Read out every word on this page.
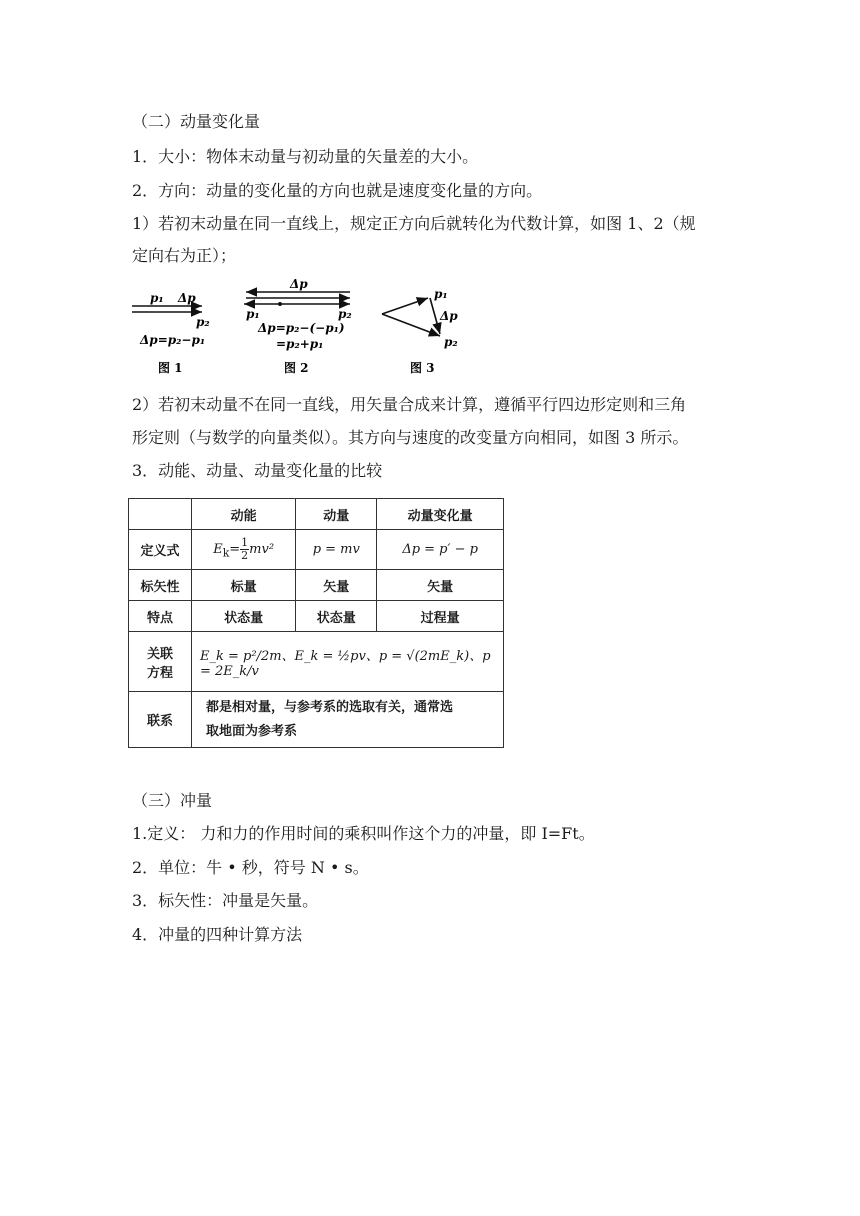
（二）动量变化量
1．大小：物体末动量与初动量的矢量差的大小。
2．方向：动量的变化量的方向也就是速度变化量的方向。
1）若初末动量在同一直线上，规定正方向后就转化为代数计算，如图 1、2（规
定向右为正）；
p₁ Δp
p₂
Δp=p₂−p₁
图 1
Δp
p₁	p₂
Δp=p₂−(−p₁)
=p₂+p₁
图 2
p₁
Δp
p₂
图 3
2）若初末动量不在同一直线，用矢量合成来计算，遵循平行四边形定则和三角
形定则（与数学的向量类似）。其方向与速度的改变量方向相同，如图 3 所示。
3．动能、动量、动量变化量的比较
	动能	动量	动量变化量
定义式	$E_k= \frac{1}{2} mv^2$	p = mv	Δp = p′ − p
标矢性	标量	矢量	矢量
特点	状态量	状态量	过程量

关联
方程	E_k = p²/2m、E_k = ½pv、p = √(2mE_k)、p = 2E_k/v		
联系	都是相对量，与参考系的选取有关，通常选
取地面为参考系		
（三）冲量
1.定义： 力和力的作用时间的乘积叫作这个力的冲量，即 I=Ft。
2．单位：牛 • 秒，符号 N • s。
3．标矢性：冲量是矢量。
4．冲量的四种计算方法
